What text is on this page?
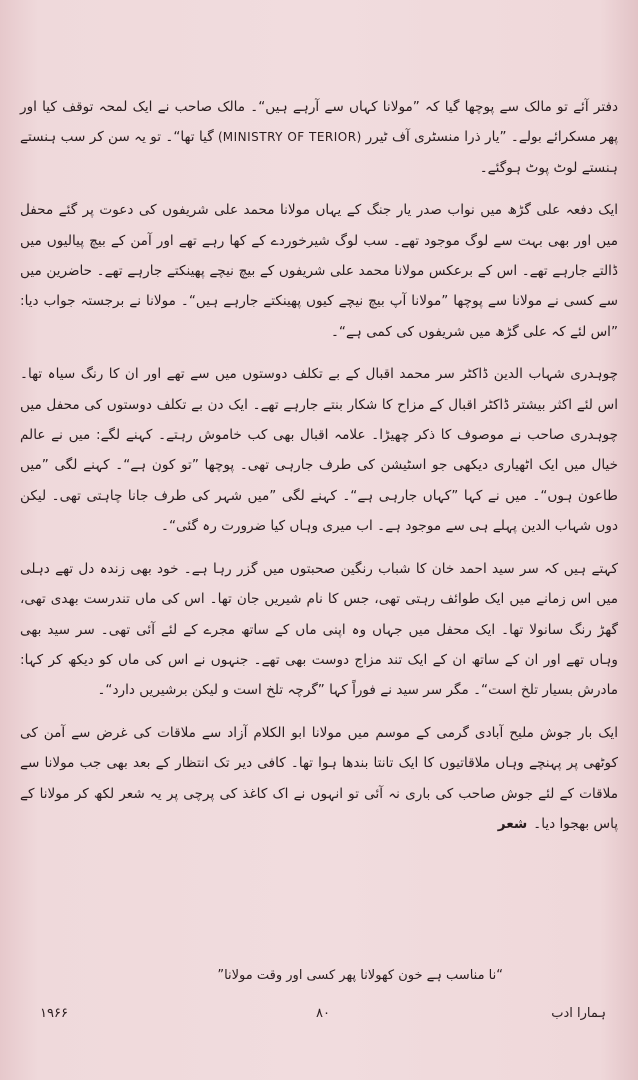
دفتر آئے تو مالک سے پوچھا گیا کہ ”مولانا کہاں سے آرہے ہیں“۔ مالک صاحب نے ایک لمحہ توقف کیا اور پھر مسکرائے بولے۔ ”یار ذرا منسٹری آف ٹیرر (MINISTRY OF TERIOR) گیا تھا“۔ تو یہ سن کر سب ہنستے ہنستے لوٹ پوٹ ہوگئے۔

ایک دفعہ علی گڑھ میں نواب صدر یار جنگ کے یہاں مولانا محمد علی شریفوں کی دعوت پر گئے محفل میں اور بھی بہت سے لوگ موجود تھے۔ سب لوگ شیرخوردے کے کھا رہے تھے اور آمن کے بیچ پیالیوں میں ڈالتے جارہے تھے۔ اس کے برعکس مولانا محمد علی شریفوں کے بیچ نیچے پھینکتے جارہے تھے۔ حاضرین میں سے کسی نے مولانا سے پوچھا ”مولانا آپ بیچ نیچے کیوں پھینکتے جارہے ہیں“۔ مولانا نے برجستہ جواب دیا: ”اس لئے کہ علی گڑھ میں شریفوں کی کمی ہے“۔

چوہدری شہاب الدین ڈاکٹر سر محمد اقبال کے بے تکلف دوستوں میں سے تھے اور ان کا رنگ سیاہ تھا۔ اس لئے اکثر بیشتر ڈاکٹر اقبال کے مزاح کا شکار بنتے جارہے تھے۔ ایک دن بے تکلف دوستوں کی محفل میں چوہدری صاحب نے موصوف کا ذکر چھیڑا۔ علامہ اقبال بھی کب خاموش رہتے۔ کہنے لگے: میں نے عالم خیال میں ایک اٹھیاری دیکھی جو اسٹیشن کی طرف جارہی تھی۔ پوچھا ”تو کون ہے“۔ کہنے لگی ”میں طاعون ہوں“۔ میں نے کہا ”کہاں جارہی ہے“۔ کہنے لگی ”میں شہر کی طرف جانا چاہتی تھی۔ لیکن دوں شہاب الدین پہلے ہی سے موجود ہے۔ اب میری وہاں کیا ضرورت رہ گئی“۔

کہتے ہیں کہ سر سید احمد خان کا شباب رنگین صحبتوں میں گزر رہا ہے۔ خود بھی زندہ دل تھے دہلی میں اس زمانے میں ایک طوائف رہتی تھی، جس کا نام شیریں جان تھا۔ اس کی ماں تندرست بھدی تھی، گھڑ رنگ سانولا تھا۔ ایک محفل میں جہاں وہ اپنی ماں کے ساتھ مجرے کے لئے آئی تھی۔ سر سید بھی وہاں تھے اور ان کے ساتھ ان کے ایک تند مزاج دوست بھی تھے۔ جنہوں نے اس کی ماں کو دیکھ کر کہا: مادرش بسیار تلخ است“۔ مگر سر سید نے فوراً کہا ”گرچہ تلخ است و لیکن برشیریں دارد“۔

ایک بار جوش ملیح آبادی گرمی کے موسم میں مولانا ابو الکلام آزاد سے ملاقات کی غرض سے آمن کی کوٹھی پر پہنچے وہاں ملاقاتیوں کا ایک تانتا بندھا ہوا تھا۔ کافی دیر تک انتظار کے بعد بھی جب مولانا سے ملاقات کے لئے جوش صاحب کی باری نہ آئی تو انہوں نے اک کاغذ کی پرچی پر یہ شعر لکھ کر مولانا کے پاس بھجوا دیا۔شعر

“نا مناسب ہے خون کھولانا پھر کسی اور وقت مولانا”
ہمارا ادب
۸۰
۱۹۶۶
